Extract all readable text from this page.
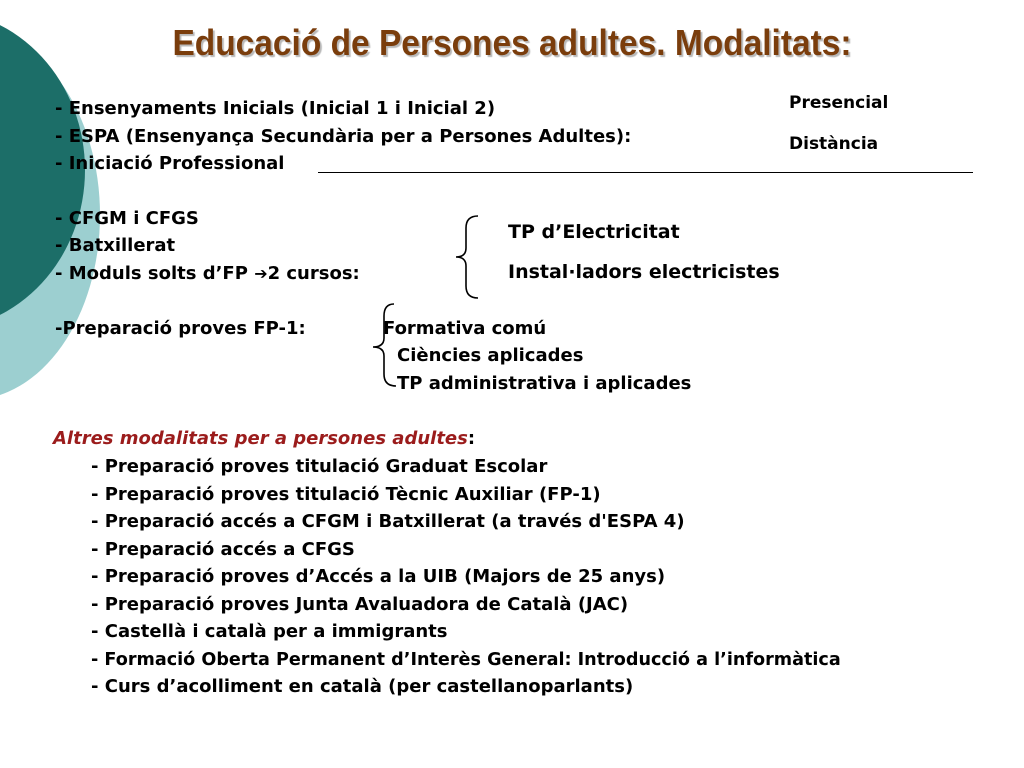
Educació de Persones adultes. Modalitats:
Presencial
Distància
- Ensenyaments Inicials (Inicial 1 i Inicial 2)
- ESPA (Ensenyança Secundària per a Persones Adultes):
- Iniciació Professional
- CFGM i CFGS
- Batxillerat
- Moduls solts d’FP ➔2 cursos:
TP d’Electricitat
Instal·ladors electricistes
-Preparació proves FP-1:	Formativa comú
Ciències aplicades
TP administrativa i aplicades
Altres modalitats per a persones adultes:
- Preparació proves titulació Graduat Escolar
- Preparació proves titulació Tècnic Auxiliar (FP-1)
- Preparació accés a CFGM i Batxillerat (a través d'ESPA 4)
- Preparació accés a CFGS
- Preparació proves d’Accés a la UIB (Majors de 25 anys)
- Preparació proves Junta Avaluadora de Català (JAC)
- Castellà i català per a immigrants
- Formació Oberta Permanent d’Interès General: Introducció a l’informàtica
- Curs d’acolliment en català (per castellanoparlants)
